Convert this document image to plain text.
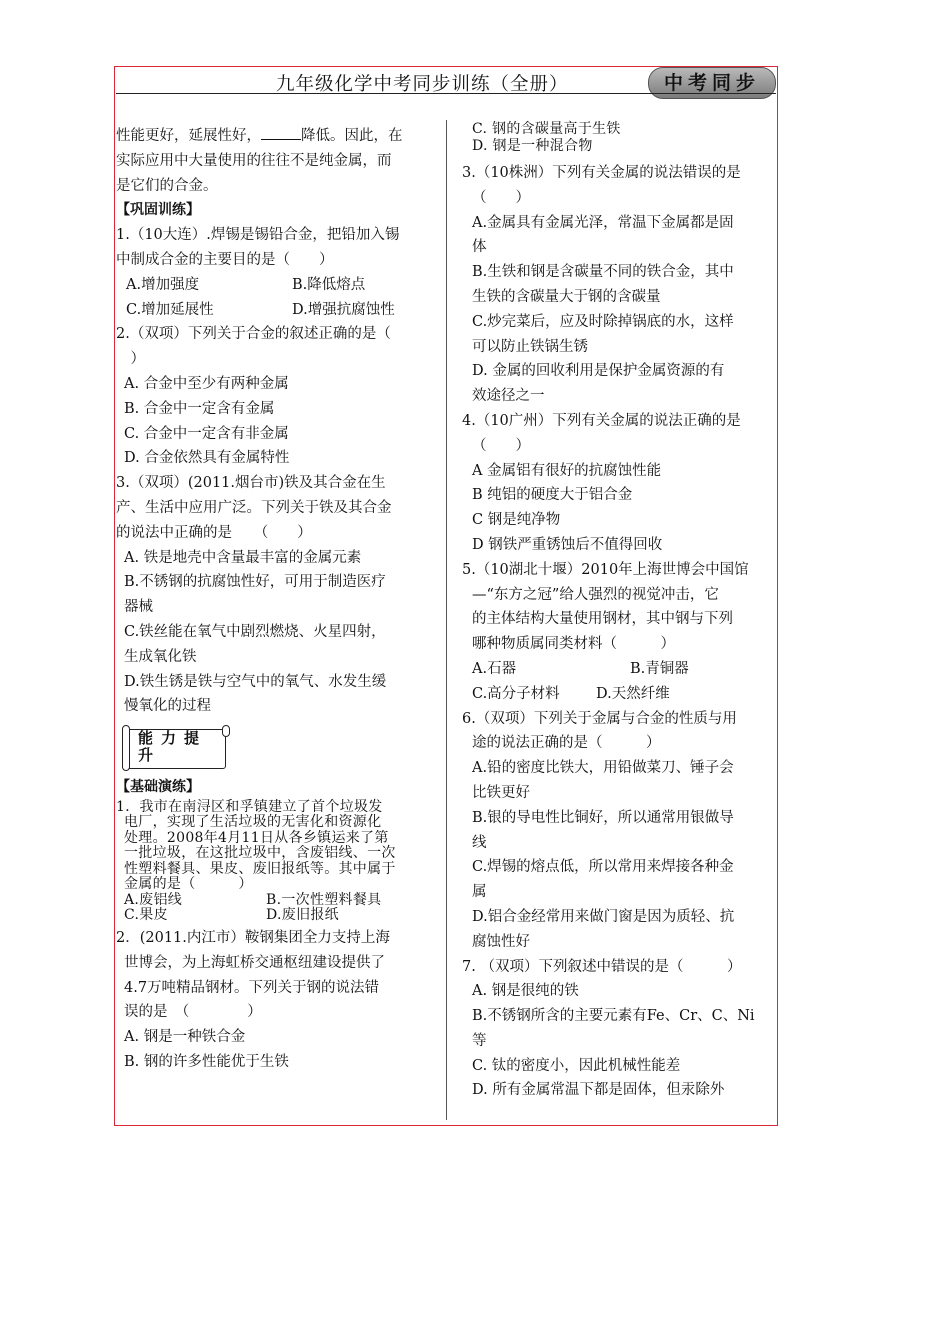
九年级化学中考同步训练（全册）	中考同步
性能更好，延展性好，	降低。因此，在
实际应用中大量使用的往往不是纯金属，而
是它们的合金。
【巩固训练】
1.（10大连）.焊锡是锡铅合金，把铅加入锡
中制成合金的主要目的是（　　）
A.增加强度	B.降低熔点
C.增加延展性	D.增强抗腐蚀性
2.（双项）下列关于合金的叙述正确的是（
　）
A. 合金中至少有两种金属
B. 合金中一定含有金属
C. 合金中一定含有非金属
D. 合金依然具有金属特性
3.（双项）(2011.烟台市)铁及其合金在生
产、生活中应用广泛。下列关于铁及其合金
的说法中正确的是　　（　　）
A. 铁是地壳中含量最丰富的金属元素
B.不锈钢的抗腐蚀性好，可用于制造医疗
器械
C.铁丝能在氧气中剧烈燃烧、火星四射，
生成氧化铁
D.铁生锈是铁与空气中的氧气、水发生缓
慢氧化的过程
能力提
升
【基础演练】
1．我市在南浔区和孚镇建立了首个垃圾发
电厂，实现了生活垃圾的无害化和资源化
处理。2008年4月11日从各乡镇运来了第
一批垃圾，在这批垃圾中，含废铝线、一次
性塑料餐具、果皮、废旧报纸等。其中属于
金属的是（　　　）
A.废铝线	B.一次性塑料餐具
C.果皮	D.废旧报纸
2．(2011.内江市）鞍钢集团全力支持上海
世博会，为上海虹桥交通枢纽建设提供了
4.7万吨精品钢材。下列关于钢的说法错
误的是　（　　　　）
A. 钢是一种铁合金
B. 钢的许多性能优于生铁
C. 钢的含碳量高于生铁
D. 钢是一种混合物
3.（10株洲）下列有关金属的说法错误的是
（　　）
A.金属具有金属光泽，常温下金属都是固
体
B.生铁和钢是含碳量不同的铁合金，其中
生铁的含碳量大于钢的含碳量
C.炒完菜后，应及时除掉锅底的水，这样
可以防止铁锅生锈
D. 金属的回收利用是保护金属资源的有
效途径之一
4.（10广州）下列有关金属的说法正确的是
（　　）
A 金属铝有很好的抗腐蚀性能
B 纯铝的硬度大于铝合金
C 钢是纯净物
D 钢铁严重锈蚀后不值得回收
5.（10湖北十堰）2010年上海世博会中国馆
—“东方之冠”给人强烈的视觉冲击，它
的主体结构大量使用钢材，其中钢与下列
哪种物质属同类材料（　　　）
A.石器	B.青铜器
C.高分子材料	D.天然纤维
6.（双项）下列关于金属与合金的性质与用
途的说法正确的是（　　　）
A.铅的密度比铁大，用铅做菜刀、锤子会
比铁更好
B.银的导电性比铜好，所以通常用银做导
线
C.焊锡的熔点低，所以常用来焊接各种金
属
D.铝合金经常用来做门窗是因为质轻、抗
腐蚀性好
7. （双项）下列叙述中错误的是（　　　）
A. 钢是很纯的铁
B.不锈钢所含的主要元素有Fe、Cr、C、Ni
等
C. 钛的密度小，因此机械性能差
D. 所有金属常温下都是固体，但汞除外
